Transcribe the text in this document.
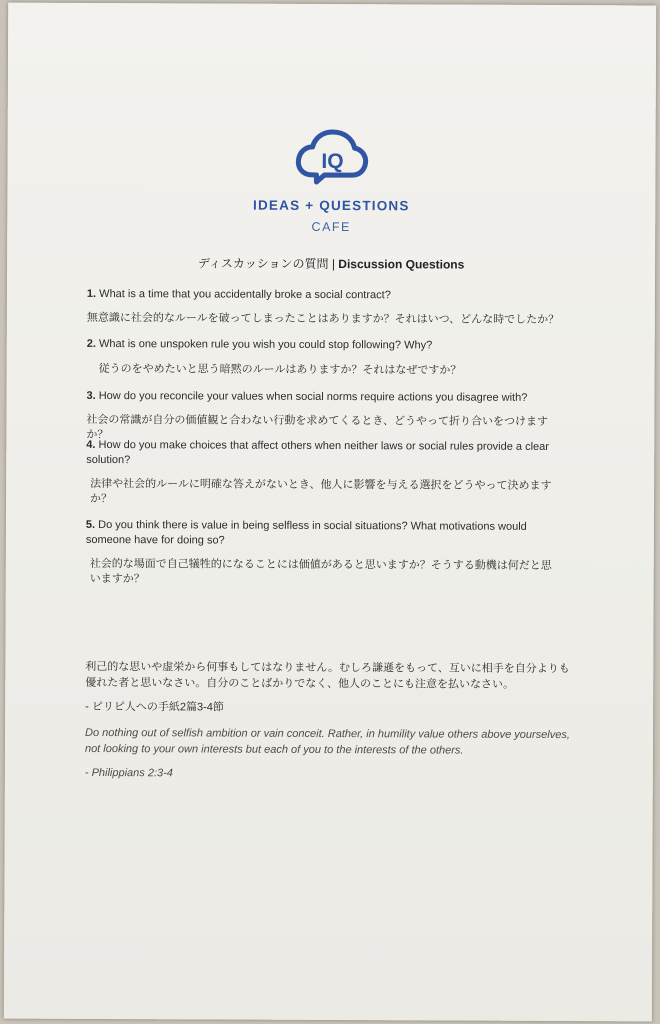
IQ
IDEAS + QUESTIONS
CAFE
ディスカッションの質問 | Discussion Questions
1. What is a time that you accidentally broke a social contract?
無意識に社会的なルールを破ってしまったことはありますか？それはいつ、どんな時でしたか？
2. What is one unspoken rule you wish you could stop following? Why?
従うのをやめたいと思う暗黙のルールはありますか？それはなぜですか？
3. How do you reconcile your values when social norms require actions you disagree with?
社会の常識が自分の価値観と合わない行動を求めてくるとき、どうやって折り合いをつけますか？
4. How do you make choices that affect others when neither laws or social rules provide a clear solution?
法律や社会的ルールに明確な答えがないとき、他人に影響を与える選択をどうやって決めますか？
5. Do you think there is value in being selfless in social situations? What motivations would someone have for doing so?
社会的な場面で自己犠牲的になることには価値があると思いますか？そうする動機は何だと思いますか？
利己的な思いや虚栄から何事もしてはなりません。むしろ謙遜をもって、互いに相手を自分よりも優れた者と思いなさい。自分のことばかりでなく、他人のことにも注意を払いなさい。
- ピリピ人への手紙2篇3-4節
Do nothing out of selfish ambition or vain conceit. Rather, in humility value others above yourselves, not looking to your own interests but each of you to the interests of the others.
- Philippians 2:3-4
